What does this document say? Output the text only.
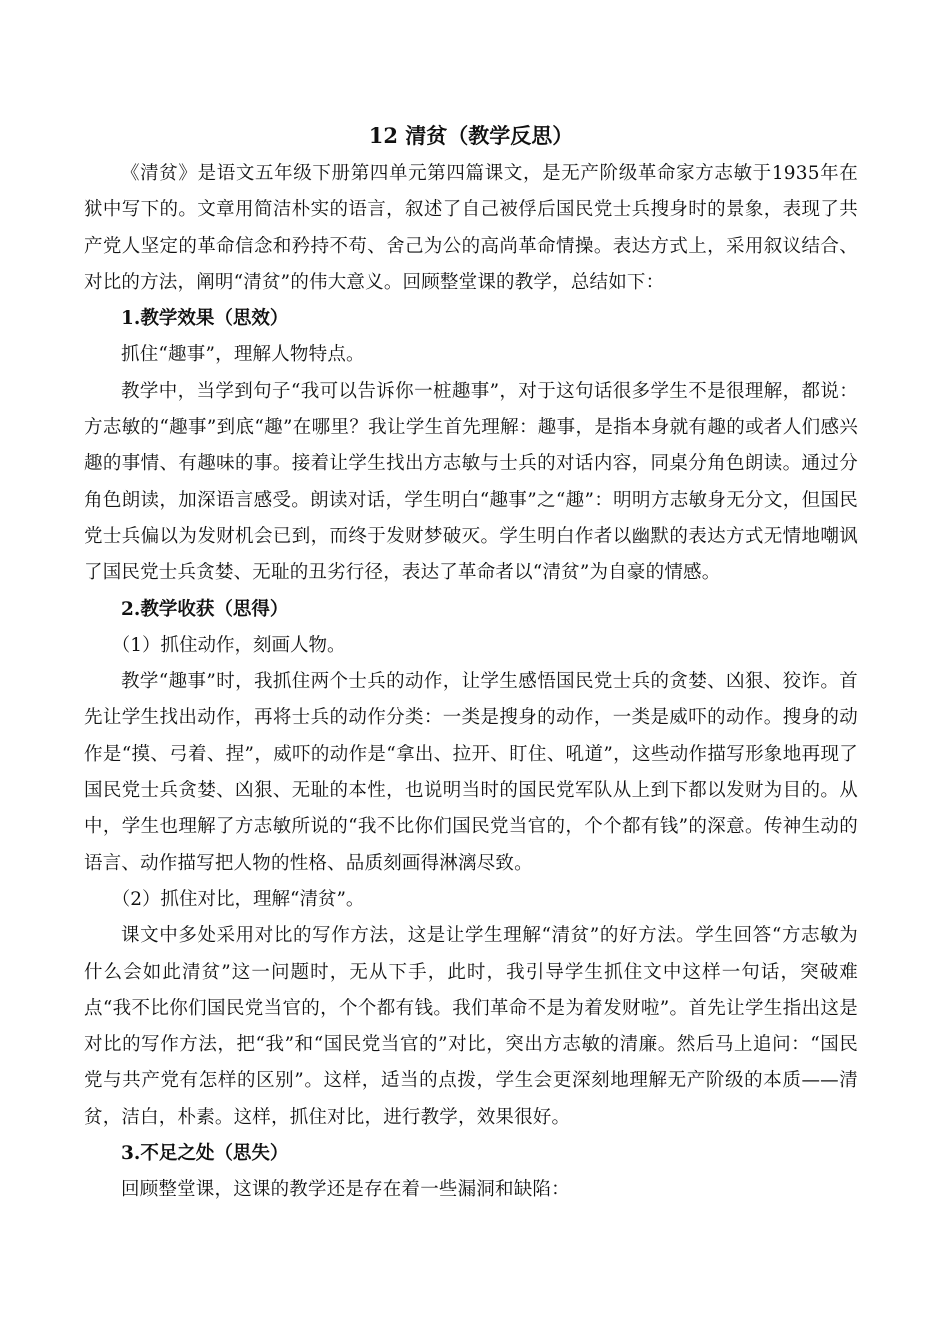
12 清贫（教学反思）

《清贫》是语文五年级下册第四单元第四篇课文，是无产阶级革命家方志敏于1935年在狱中写下的。文章用简洁朴实的语言，叙述了自己被俘后国民党士兵搜身时的景象，表现了共产党人坚定的革命信念和矜持不苟、舍己为公的高尚革命情操。表达方式上，采用叙议结合、对比的方法，阐明“清贫”的伟大意义。回顾整堂课的教学，总结如下：

1.教学效果（思效）

抓住“趣事”，理解人物特点。

教学中，当学到句子“我可以告诉你一桩趣事”，对于这句话很多学生不是很理解，都说：方志敏的“趣事”到底“趣”在哪里？我让学生首先理解：趣事，是指本身就有趣的或者人们感兴趣的事情、有趣味的事。接着让学生找出方志敏与士兵的对话内容，同桌分角色朗读。通过分角色朗读，加深语言感受。朗读对话，学生明白“趣事”之“趣”：明明方志敏身无分文，但国民党士兵偏以为发财机会已到，而终于发财梦破灭。学生明白作者以幽默的表达方式无情地嘲讽了国民党士兵贪婪、无耻的丑劣行径，表达了革命者以“清贫”为自豪的情感。

2.教学收获（思得）

（1）抓住动作，刻画人物。

教学“趣事”时，我抓住两个士兵的动作，让学生感悟国民党士兵的贪婪、凶狠、狡诈。首先让学生找出动作，再将士兵的动作分类：一类是搜身的动作，一类是威吓的动作。搜身的动作是“摸、弓着、捏”，威吓的动作是“拿出、拉开、盯住、吼道”，这些动作描写形象地再现了国民党士兵贪婪、凶狠、无耻的本性，也说明当时的国民党军队从上到下都以发财为目的。从中，学生也理解了方志敏所说的“我不比你们国民党当官的，个个都有钱”的深意。传神生动的语言、动作描写把人物的性格、品质刻画得淋漓尽致。

（2）抓住对比，理解“清贫”。

课文中多处采用对比的写作方法，这是让学生理解“清贫”的好方法。学生回答“方志敏为什么会如此清贫”这一问题时，无从下手，此时，我引导学生抓住文中这样一句话，突破难点“我不比你们国民党当官的，个个都有钱。我们革命不是为着发财啦”。首先让学生指出这是对比的写作方法，把“我”和“国民党当官的”对比，突出方志敏的清廉。然后马上追问：“国民党与共产党有怎样的区别”。这样，适当的点拨，学生会更深刻地理解无产阶级的本质——清贫，洁白，朴素。这样，抓住对比，进行教学，效果很好。

3.不足之处（思失）

回顾整堂课，这课的教学还是存在着一些漏洞和缺陷：
